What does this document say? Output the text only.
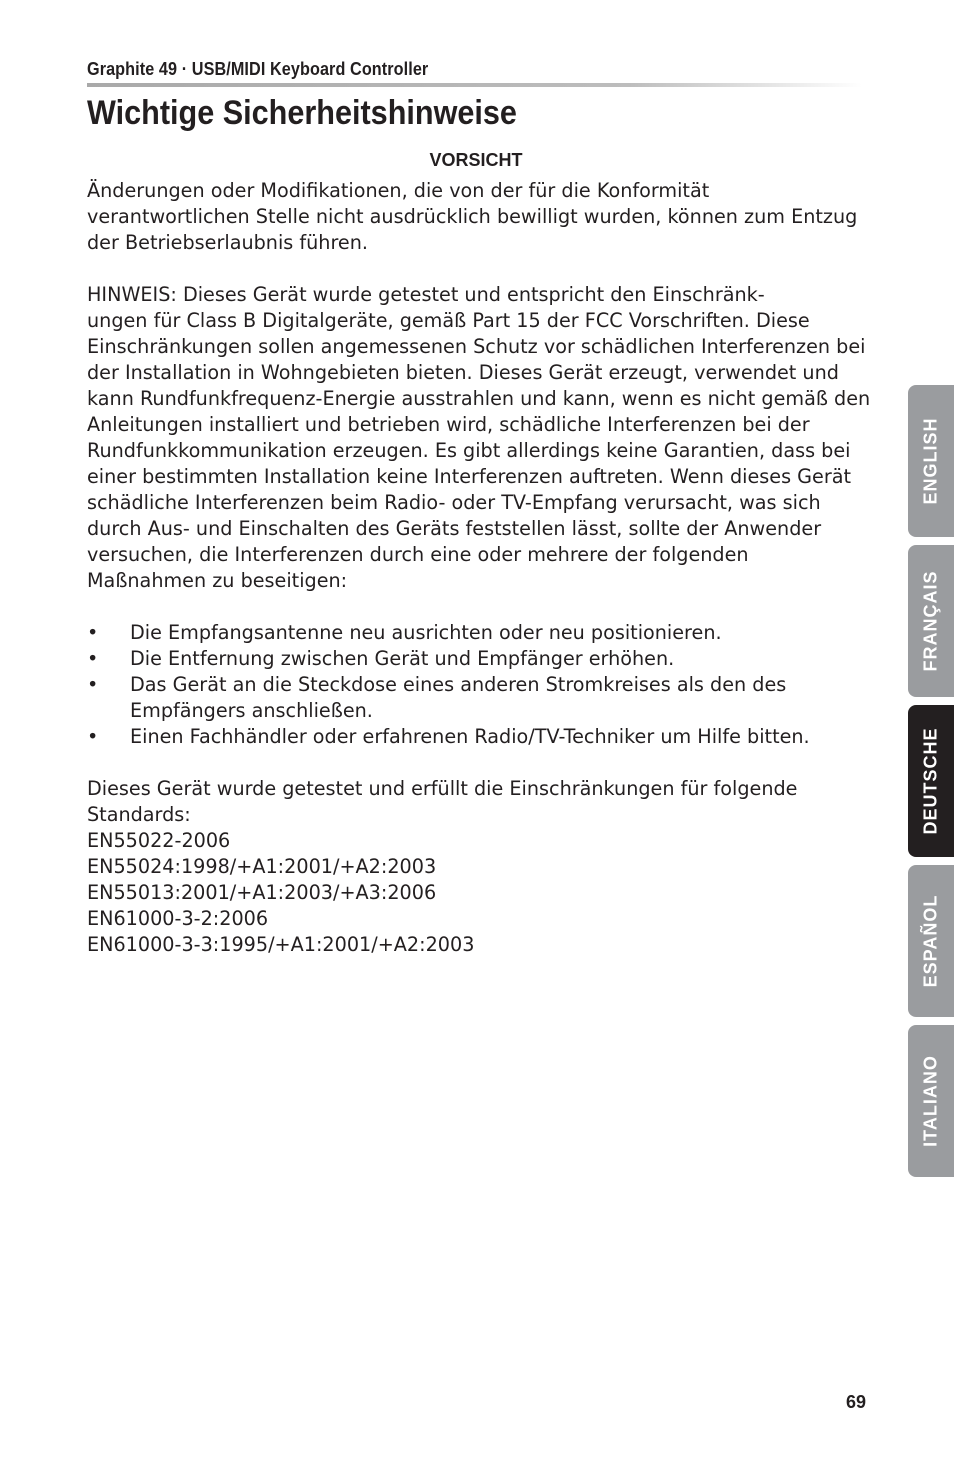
Graphite 49 · USB/MIDI Keyboard Controller
Wichtige Sicherheitshinweise
VORSICHT

Änderungen oder Modifikationen, die von der für die Konformität verantwortlichen Stelle nicht ausdrücklich bewilligt wurden, können zum Entzug der Betriebserlaubnis führen.

HINWEIS: Dieses Gerät wurde getestet und entspricht den Einschränk-
ungen für Class B Digitalgeräte, gemäß Part 15 der FCC Vorschriften. Diese Einschränkungen sollen angemessenen Schutz vor schädlichen Interferenzen bei der Installation in Wohngebieten bieten. Dieses Gerät erzeugt, verwendet und kann Rundfunkfrequenz-Energie ausstrahlen und kann, wenn es nicht gemäß den Anleitungen installiert und betrieben wird, schädliche Interferenzen bei der Rundfunkkommunikation erzeugen. Es gibt allerdings keine Garantien, dass bei einer bestimmten Installation keine Interferenzen auftreten. Wenn dieses Gerät schädliche Interferenzen beim Radio- oder TV-Empfang verursacht, was sich durch Aus- und Einschalten des Geräts feststellen lässt, sollte der Anwender versuchen, die Interferenzen durch eine oder mehrere der folgenden Maßnahmen zu beseitigen:

• Die Empfangsantenne neu ausrichten oder neu positionieren.
• Die Entfernung zwischen Gerät und Empfänger erhöhen.
• Das Gerät an die Steckdose eines anderen Stromkreises als den des Empfängers anschließen.
• Einen Fachhändler oder erfahrenen Radio/TV-Techniker um Hilfe bitten.

Dieses Gerät wurde getestet und erfüllt die Einschränkungen für folgende Standards:

EN55022-2006
EN55024:1998/+A1:2001/+A2:2003
EN55013:2001/+A1:2003/+A3:2006
EN61000-3-2:2006
EN61000-3-3:1995/+A1:2001/+A2:2003
ENGLISH
FRANÇAIS
DEUTSCHE
ESPAÑOL
ITALIANO
69
